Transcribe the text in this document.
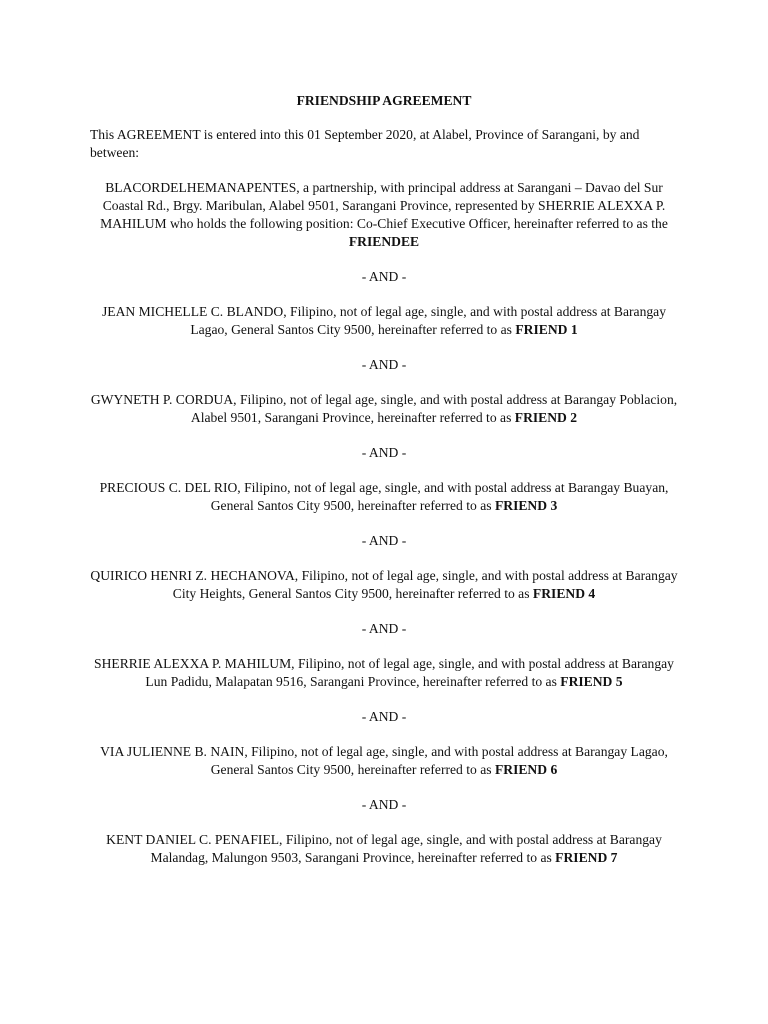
FRIENDSHIP AGREEMENT
This AGREEMENT is entered into this 01 September 2020, at Alabel, Province of Sarangani, by and between:
BLACORDELHEMANAPENTES, a partnership, with principal address at Sarangani – Davao del Sur Coastal Rd., Brgy. Maribulan, Alabel 9501, Sarangani Province, represented by SHERRIE ALEXXA P. MAHILUM who holds the following position: Co-Chief Executive Officer, hereinafter referred to as the FRIENDEE
- AND -
JEAN MICHELLE C. BLANDO, Filipino, not of legal age, single, and with postal address at Barangay Lagao, General Santos City 9500, hereinafter referred to as FRIEND 1
- AND -
GWYNETH P. CORDUA, Filipino, not of legal age, single, and with postal address at Barangay Poblacion, Alabel 9501, Sarangani Province, hereinafter referred to as FRIEND 2
- AND -
PRECIOUS C. DEL RIO, Filipino, not of legal age, single, and with postal address at Barangay Buayan, General Santos City 9500, hereinafter referred to as FRIEND 3
- AND -
QUIRICO HENRI Z. HECHANOVA, Filipino, not of legal age, single, and with postal address at Barangay City Heights, General Santos City 9500, hereinafter referred to as FRIEND 4
- AND -
SHERRIE ALEXXA P. MAHILUM, Filipino, not of legal age, single, and with postal address at Barangay Lun Padidu, Malapatan 9516, Sarangani Province, hereinafter referred to as FRIEND 5
- AND -
VIA JULIENNE B. NAIN, Filipino, not of legal age, single, and with postal address at Barangay Lagao, General Santos City 9500, hereinafter referred to as FRIEND 6
- AND -
KENT DANIEL C. PENAFIEL, Filipino, not of legal age, single, and with postal address at Barangay Malandag, Malungon 9503, Sarangani Province, hereinafter referred to as FRIEND 7
